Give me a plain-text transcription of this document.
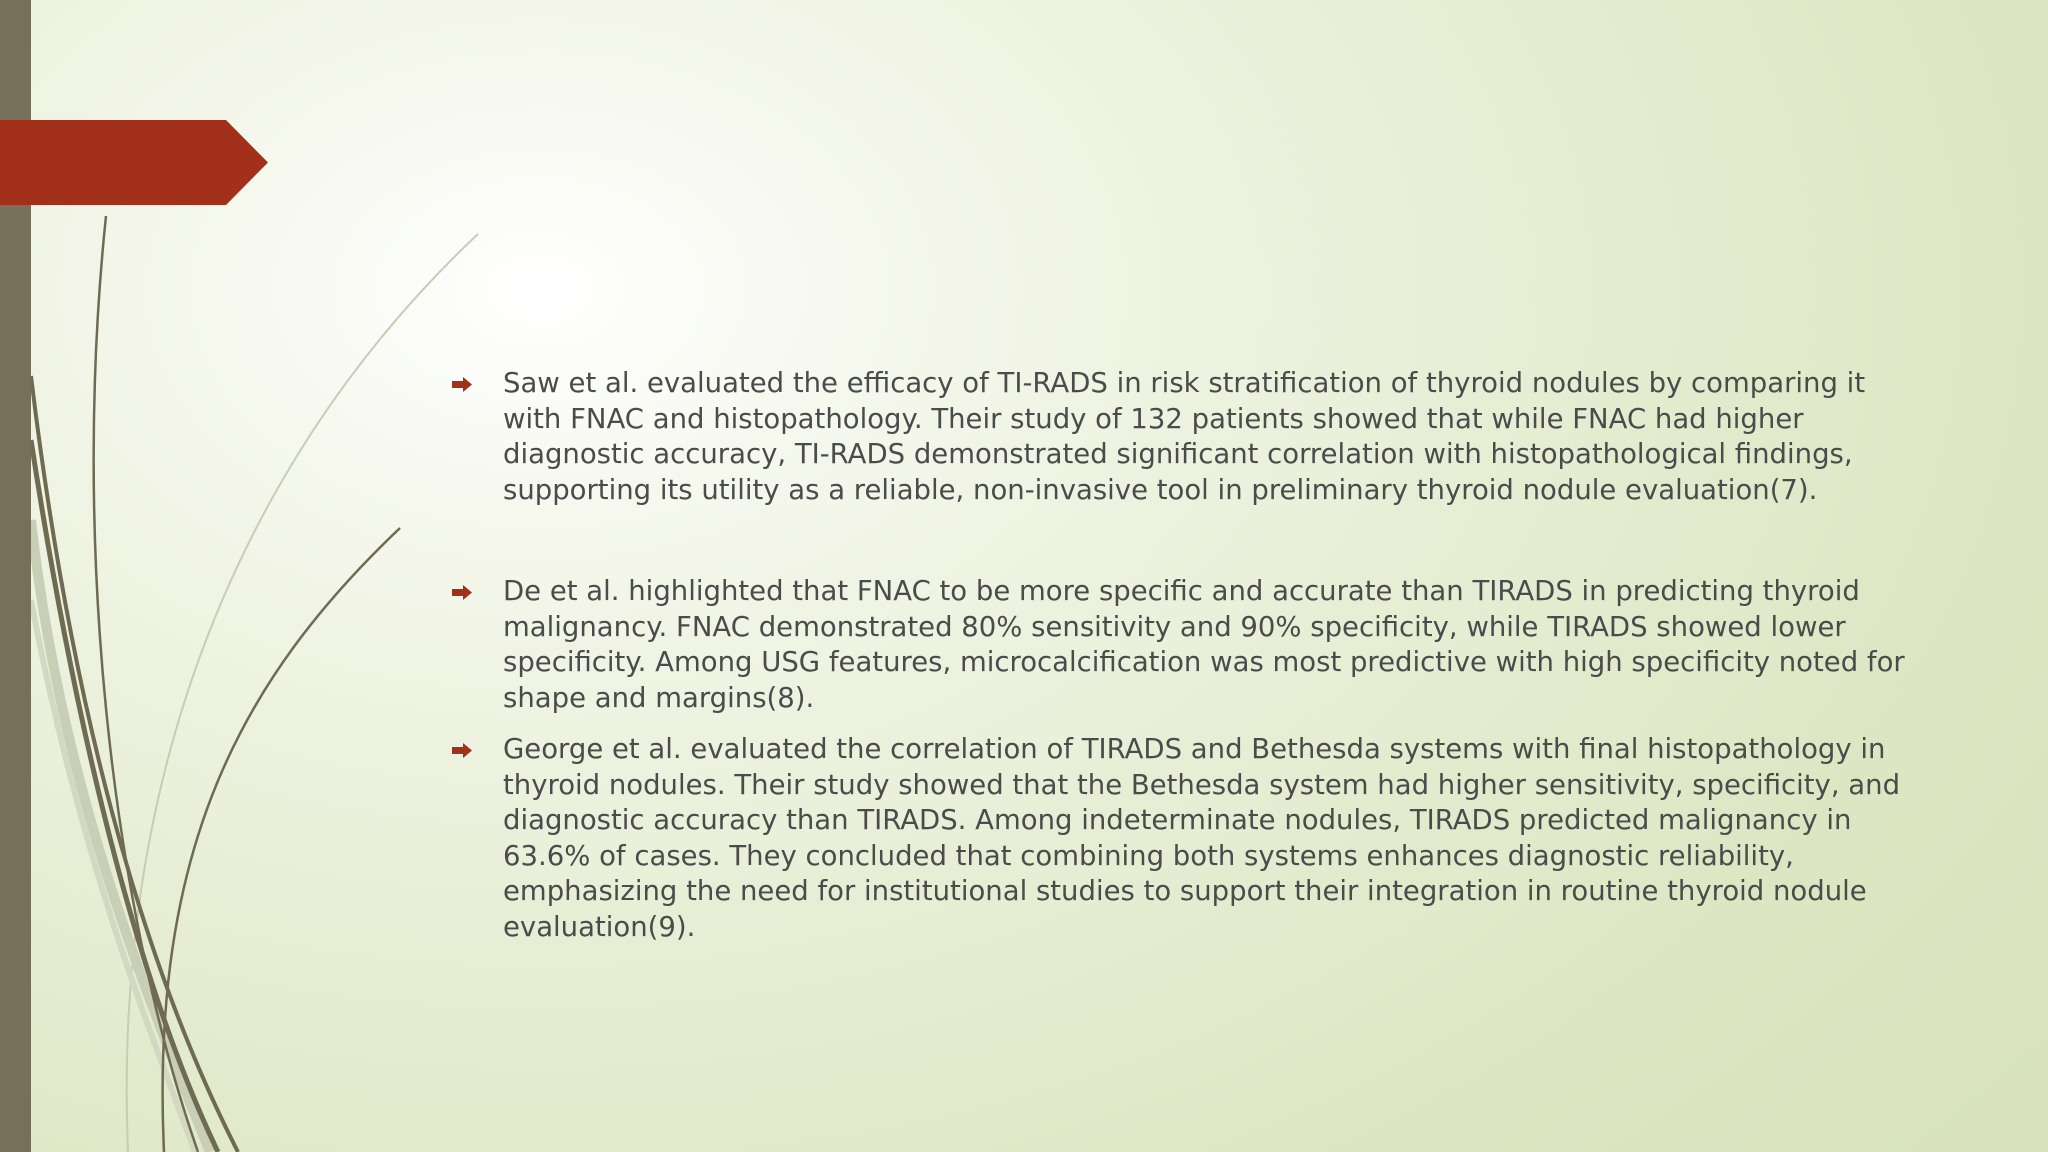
Saw et al. evaluated the efficacy of TI-RADS in risk stratification of thyroid nodules by comparing it with FNAC and histopathology. Their study of 132 patients showed that while FNAC had higher diagnostic accuracy, TI-RADS demonstrated significant correlation with histopathological findings, supporting its utility as a reliable, non-invasive tool in preliminary thyroid nodule evaluation(7).
De et al. highlighted that FNAC to be more specific and accurate than TIRADS in predicting thyroid malignancy. FNAC demonstrated 80% sensitivity and 90% specificity, while TIRADS showed lower specificity. Among USG features, microcalcification was most predictive with high specificity noted for shape and margins(8).
George et al. evaluated the correlation of TIRADS and Bethesda systems with final histopathology in thyroid nodules. Their study showed that the Bethesda system had higher sensitivity, specificity, and diagnostic accuracy than TIRADS. Among indeterminate nodules, TIRADS predicted malignancy in 63.6% of cases. They concluded that combining both systems enhances diagnostic reliability, emphasizing the need for institutional studies to support their integration in routine thyroid nodule evaluation(9).
